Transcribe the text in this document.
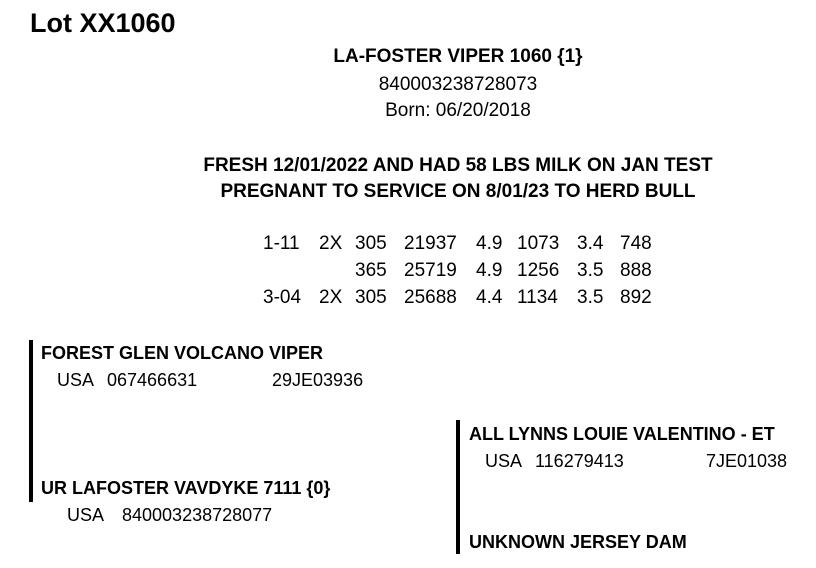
Lot XX1060
LA-FOSTER VIPER 1060 {1}
840003238728073
Born: 06/20/2018
FRESH 12/01/2022 AND HAD 58 LBS MILK ON JAN TEST
PREGNANT TO SERVICE ON 8/01/23 TO HERD BULL
1-11 2X 305 21937 4.9 1073 3.4 748
365 25719 4.9 1256 3.5 888
3-04 2X 305 25688 4.4 1134 3.5 892
FOREST GLEN VOLCANO VIPER
USA 067466631	29JE03936
UR LAFOSTER VAVDYKE 7111 {0}
USA 840003238728077
ALL LYNNS LOUIE VALENTINO - ET
USA 116279413	7JE01038
UNKNOWN JERSEY DAM
